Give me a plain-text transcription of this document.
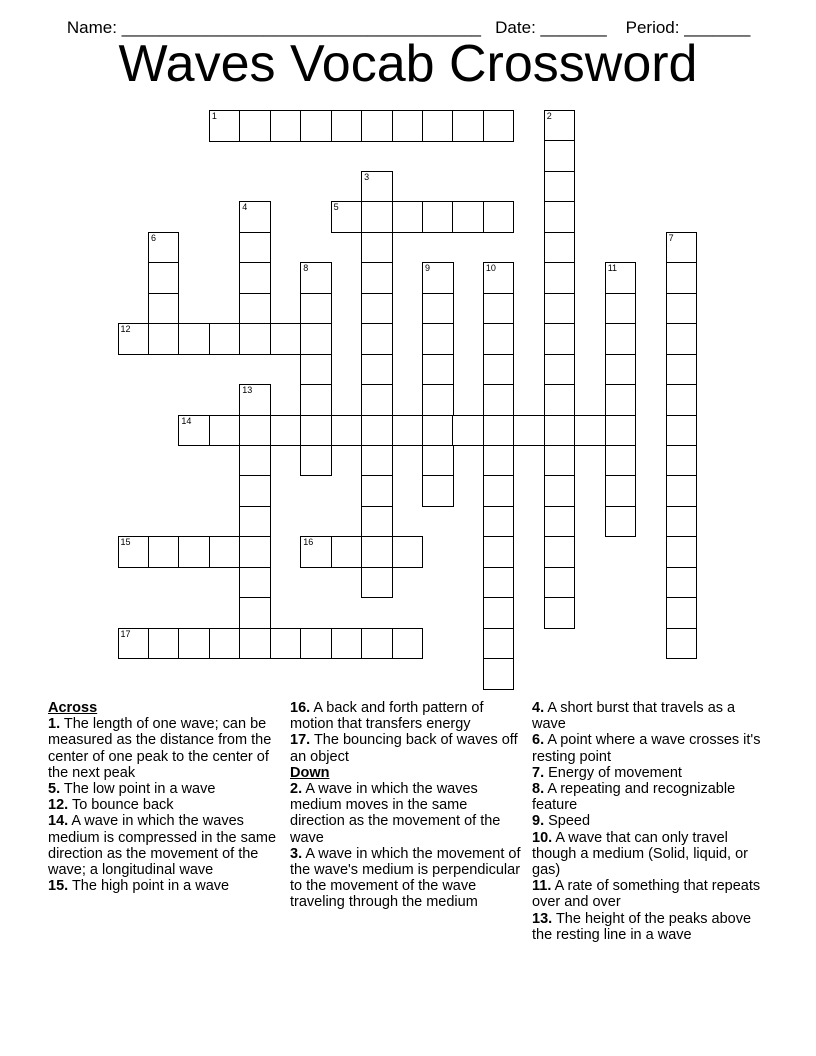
Name: ______________________________________ Date: _______ Period: _______

Waves Vocab Crossword
1	2
3
4	5
6	7
8	9	10	11
12
13
14
15	16
17
Across
1. The length of one wave; can be measured as the distance from the center of one peak to the center of the next peak
5. The low point in a wave
12. To bounce back
14. A wave in which the waves medium is compressed in the same direction as the movement of the wave; a longitudinal wave
15. The high point in a wave
16. A back and forth pattern of motion that transfers energy
17. The bouncing back of waves off an object
Down
2. A wave in which the waves medium moves in the same direction as the movement of the wave
3. A wave in which the movement of the wave's medium is perpendicular to the movement of the wave traveling through the medium
4. A short burst that travels as a wave
6. A point where a wave crosses it's resting point
7. Energy of movement
8. A repeating and recognizable feature
9. Speed
10. A wave that can only travel though a medium (Solid, liquid, or gas)
11. A rate of something that repeats over and over
13. The height of the peaks above the resting line in a wave
